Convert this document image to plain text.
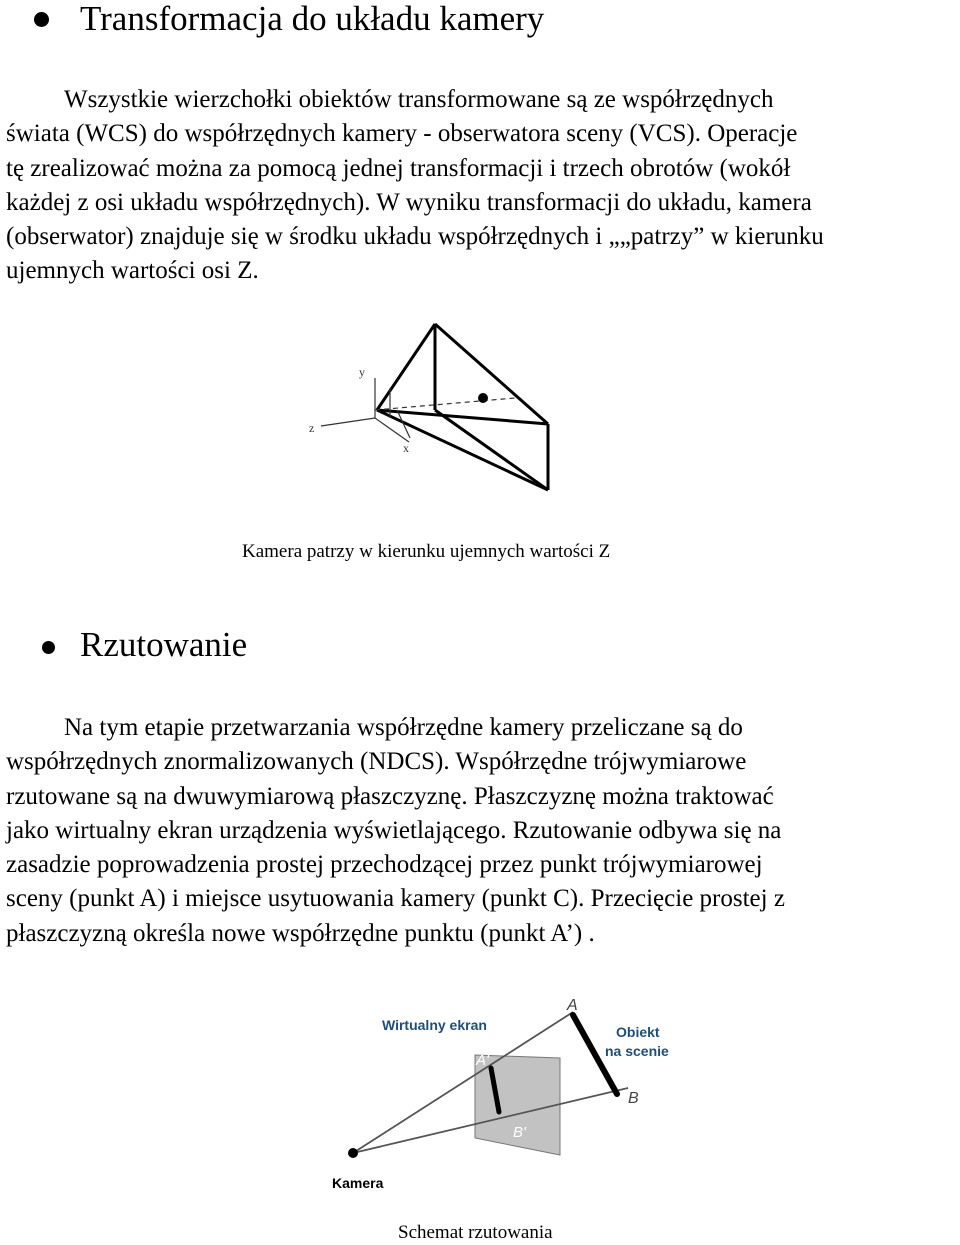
Transformacja do układu kamery

Wszystkie wierzchołki obiektów transformowane są ze współrzędnych

świata (WCS) do współrzędnych kamery - obserwatora sceny (VCS). Operacje

tę zrealizować można za pomocą jednej transformacji i trzech obrotów (wokół

każdej z osi układu współrzędnych). W wyniku transformacji do układu, kamera

(obserwator) znajduje się w środku układu współrzędnych i „„patrzy” w kierunku

ujemnych wartości osi Z.

y
z
x
Kamera patrzy w kierunku ujemnych wartości Z
Rzutowanie

Na tym etapie przetwarzania współrzędne kamery przeliczane są do

współrzędnych znormalizowanych (NDCS). Współrzędne trójwymiarowe

rzutowane są na dwuwymiarową płaszczyznę. Płaszczyznę można traktować

jako wirtualny ekran urządzenia wyświetlającego. Rzutowanie odbywa się na

zasadzie poprowadzenia prostej przechodzącej przez punkt trójwymiarowej

sceny (punkt A) i miejsce usytuowania kamery (punkt C). Przecięcie prostej z

płaszczyzną określa nowe współrzędne punktu (punkt A’) .

Wirtualny ekran	Obiekt
na scenie
Kamera
A
B
A'
B'
Schemat rzutowania
